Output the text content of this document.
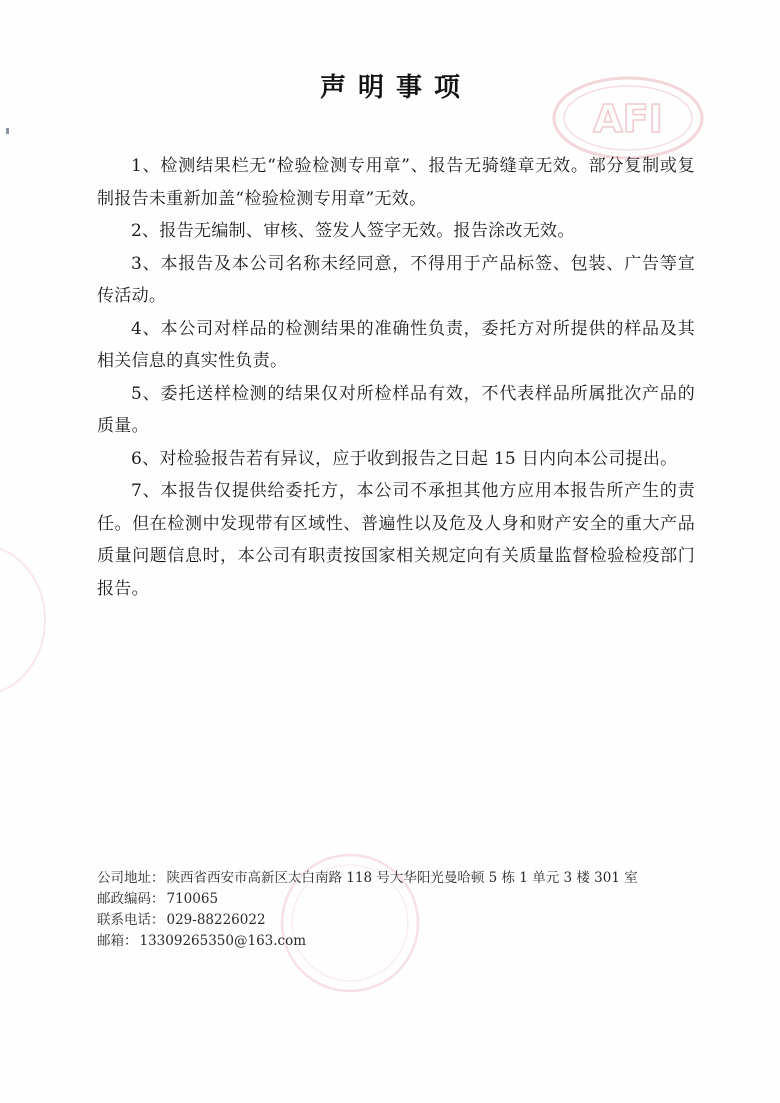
AFI
声明事项

1、检测结果栏无“检验检测专用章”、报告无骑缝章无效。部分复制或复制报告未重新加盖“检验检测专用章”无效。

2、报告无编制、审核、签发人签字无效。报告涂改无效。

3、本报告及本公司名称未经同意，不得用于产品标签、包装、广告等宣传活动。

4、本公司对样品的检测结果的准确性负责，委托方对所提供的样品及其相关信息的真实性负责。

5、委托送样检测的结果仅对所检样品有效，不代表样品所属批次产品的质量。

6、对检验报告若有异议，应于收到报告之日起 15 日内向本公司提出。

7、本报告仅提供给委托方，本公司不承担其他方应用本报告所产生的责任。但在检测中发现带有区域性、普遍性以及危及人身和财产安全的重大产品质量问题信息时，本公司有职责按国家相关规定向有关质量监督检验检疫部门报告。

公司地址： 陕西省西安市高新区太白南路 118 号大华阳光曼哈顿 5 栋 1 单元 3 楼 301 室
邮政编码： 710065
联系电话： 029-88226022
邮箱： 13309265350@163.com
